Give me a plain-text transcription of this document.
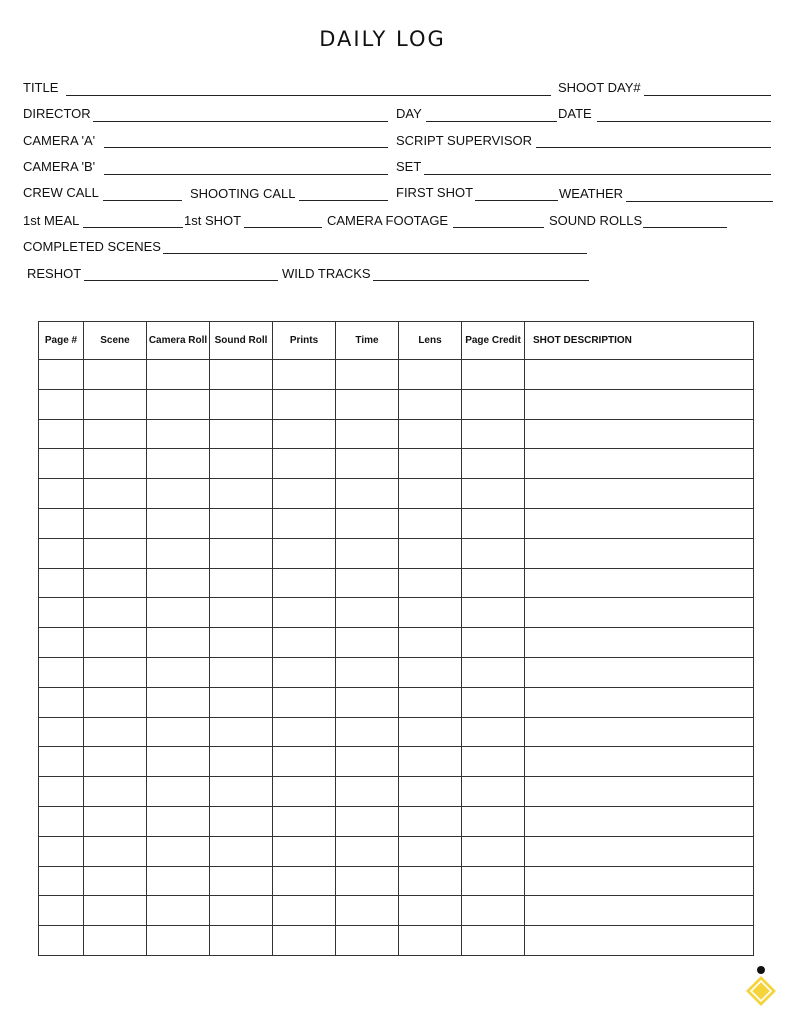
DAILY LOG
TITLE	SHOOT DAY#
DIRECTOR	DAY	DATE
CAMERA 'A'	SCRIPT SUPERVISOR
CAMERA 'B'	SET
CREW CALL	SHOOTING CALL	FIRST SHOT	WEATHER
1st MEAL	1st SHOT	CAMERA FOOTAGE	SOUND ROLLS
COMPLETED SCENES
RESHOT	WILD TRACKS
Page #	Scene	Camera Roll	Sound Roll	Prints	Time	Lens	Page Credit	SHOT DESCRIPTION
